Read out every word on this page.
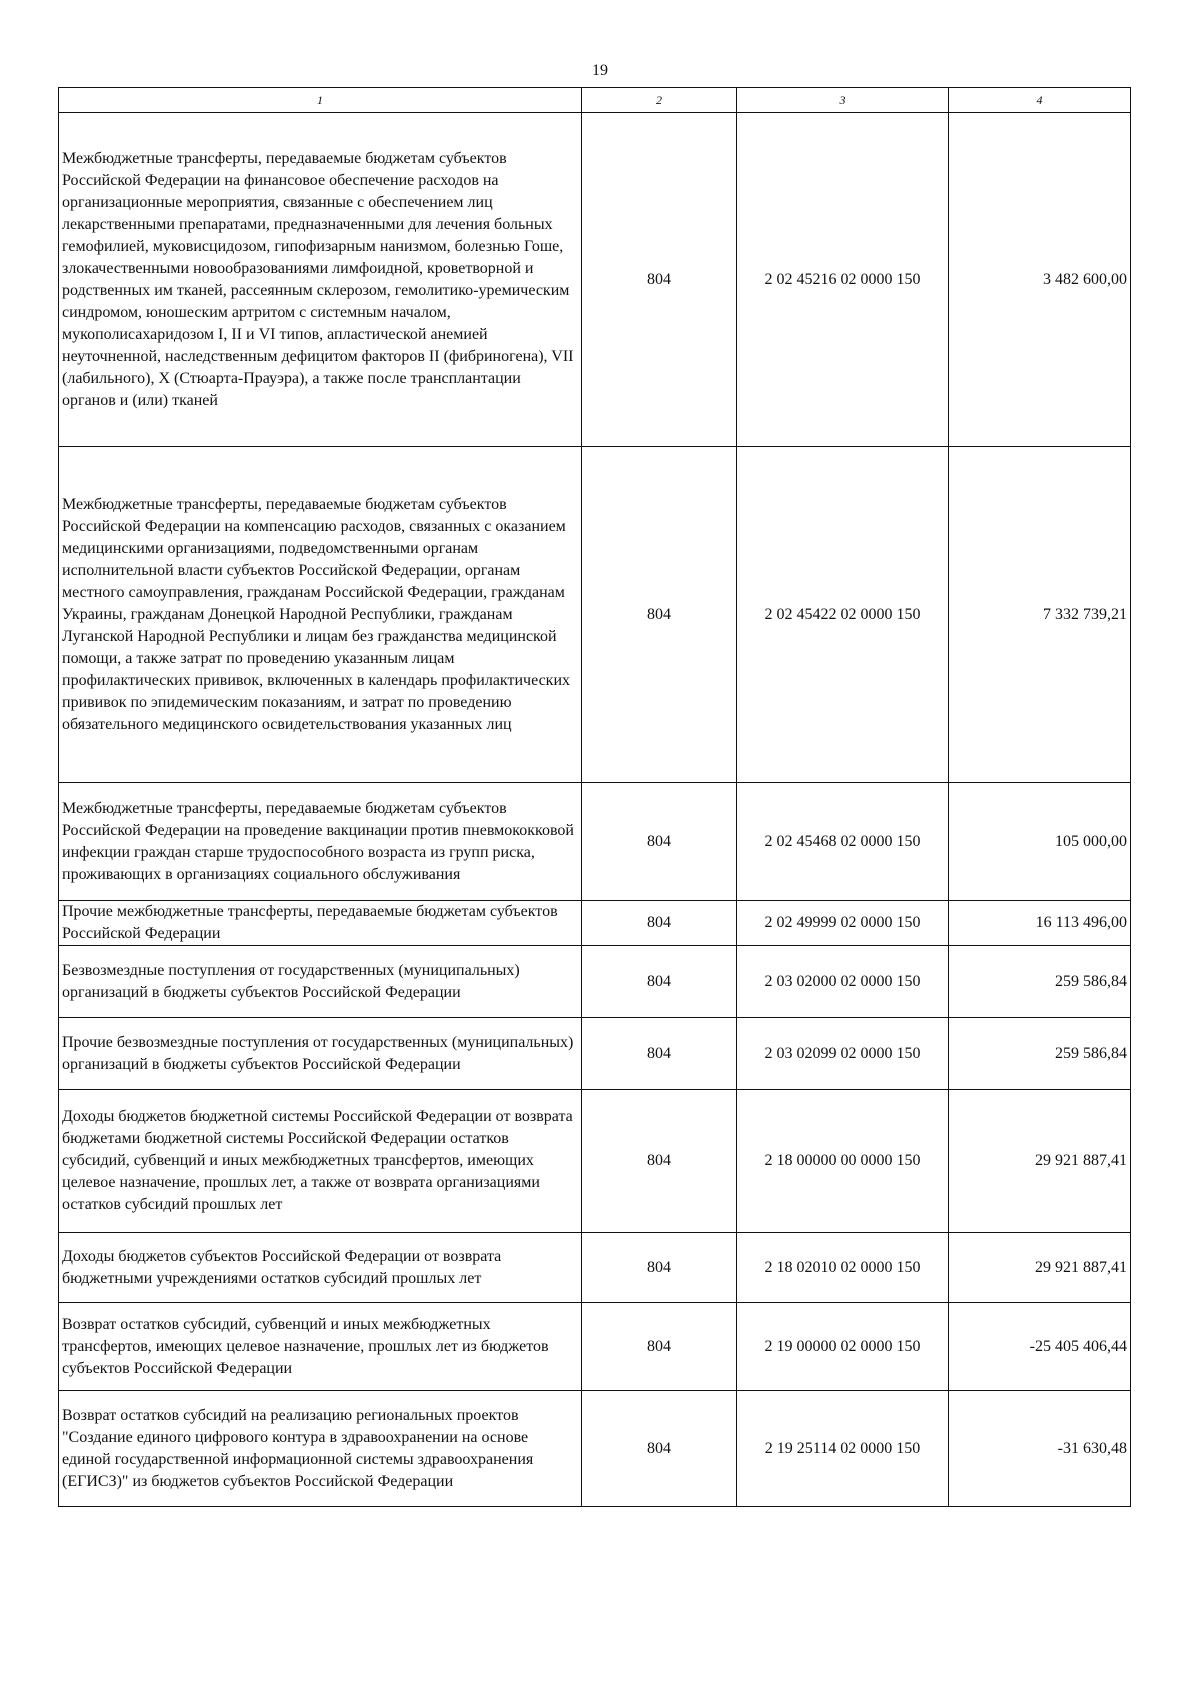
19
1	2	3	4
Межбюджетные трансферты, передаваемые бюджетам субъектов Российской Федерации на финансовое обеспечение расходов на организационные мероприятия, связанные с обеспечением лиц лекарственными препаратами, предназначенными для лечения больных гемофилией, муковисцидозом, гипофизарным нанизмом, болезнью Гоше, злокачественными новообразованиями лимфоидной, кроветворной и родственных им тканей, рассеянным склерозом, гемолитико-уремическим синдромом, юношеским артритом с системным началом, мукополисахаридозом I, II и VI типов, апластической анемией неуточненной, наследственным дефицитом факторов II (фибриногена), VII (лабильного), X (Стюарта-Прауэра), а также после трансплантации органов и (или) тканей	804	2 02 45216 02 0000 150	3 482 600,00
Межбюджетные трансферты, передаваемые бюджетам субъектов Российской Федерации на компенсацию расходов, связанных с оказанием медицинскими организациями, подведомственными органам исполнительной власти субъектов Российской Федерации, органам местного самоуправления, гражданам Российской Федерации, гражданам Украины, гражданам Донецкой Народной Республики, гражданам Луганской Народной Республики и лицам без гражданства медицинской помощи, а также затрат по проведению указанным лицам профилактических прививок, включенных в календарь профилактических прививок по эпидемическим показаниям, и затрат по проведению обязательного медицинского освидетельствования указанных лиц	804	2 02 45422 02 0000 150	7 332 739,21
Межбюджетные трансферты, передаваемые бюджетам субъектов Российской Федерации на проведение вакцинации против пневмококковой инфекции граждан старше трудоспособного возраста из групп риска, проживающих в организациях социального обслуживания	804	2 02 45468 02 0000 150	105 000,00
Прочие межбюджетные трансферты, передаваемые бюджетам субъектов Российской Федерации	804	2 02 49999 02 0000 150	16 113 496,00
Безвозмездные поступления от государственных (муниципальных) организаций в бюджеты субъектов Российской Федерации	804	2 03 02000 02 0000 150	259 586,84
Прочие безвозмездные поступления от государственных (муниципальных) организаций в бюджеты субъектов Российской Федерации	804	2 03 02099 02 0000 150	259 586,84
Доходы бюджетов бюджетной системы Российской Федерации от возврата бюджетами бюджетной системы Российской Федерации остатков субсидий, субвенций и иных межбюджетных трансфертов, имеющих целевое назначение, прошлых лет, а также от возврата организациями остатков субсидий прошлых лет	804	2 18 00000 00 0000 150	29 921 887,41
Доходы бюджетов субъектов Российской Федерации от возврата бюджетными учреждениями остатков субсидий прошлых лет	804	2 18 02010 02 0000 150	29 921 887,41
Возврат остатков субсидий, субвенций и иных межбюджетных трансфертов, имеющих целевое назначение, прошлых лет из бюджетов субъектов Российской Федерации	804	2 19 00000 02 0000 150	-25 405 406,44
Возврат остатков субсидий на реализацию региональных проектов "Создание единого цифрового контура в здравоохранении на основе единой государственной информационной системы здравоохранения (ЕГИСЗ)" из бюджетов субъектов Российской Федерации	804	2 19 25114 02 0000 150	-31 630,48
